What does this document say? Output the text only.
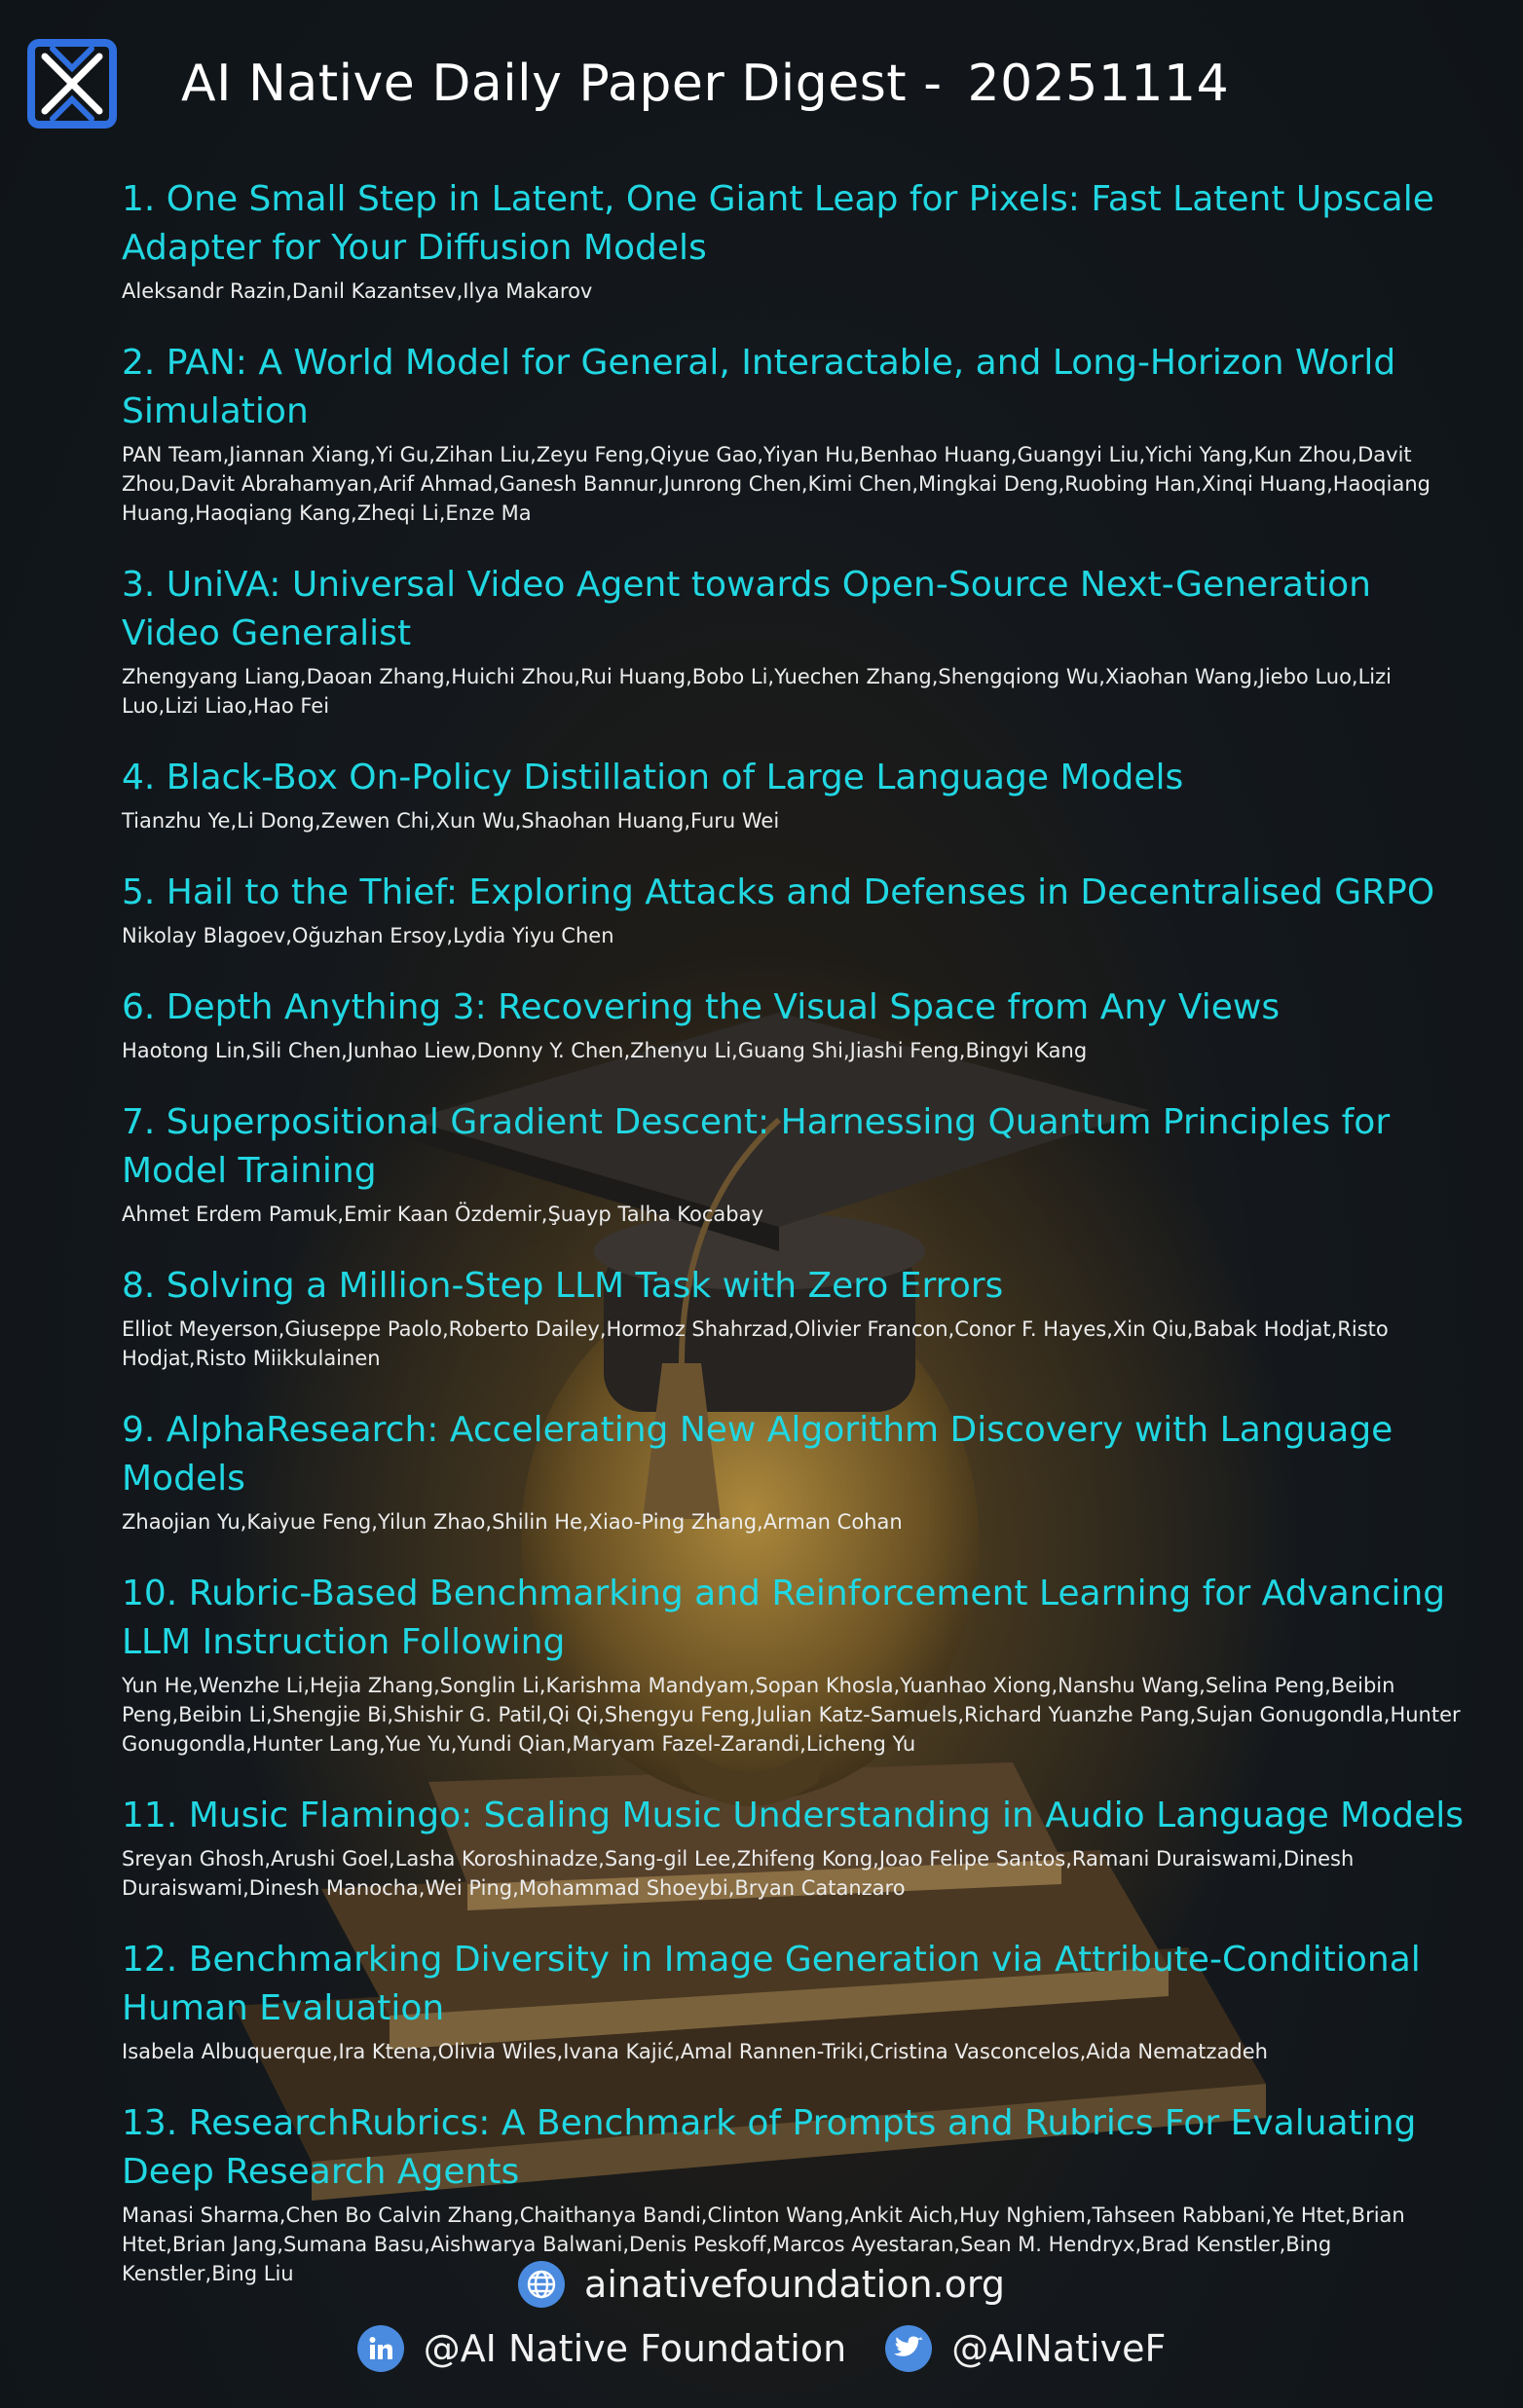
AI Native Daily Paper Digest - 20251114
1. One Small Step in Latent, One Giant Leap for Pixels: Fast Latent Upscale Adapter for Your Diffusion Models
Aleksandr Razin,Danil Kazantsev,Ilya Makarov
2. PAN: A World Model for General, Interactable, and Long-Horizon World Simulation
PAN Team,Jiannan Xiang,Yi Gu,Zihan Liu,Zeyu Feng,Qiyue Gao,Yiyan Hu,Benhao Huang,Guangyi Liu,Yichi Yang,Kun Zhou,Davit Zhou,Davit Abrahamyan,Arif Ahmad,Ganesh Bannur,Junrong Chen,Kimi Chen,Mingkai Deng,Ruobing Han,Xinqi Huang,Haoqiang Huang,Haoqiang Kang,Zheqi Li,Enze Ma
3. UniVA: Universal Video Agent towards Open-Source Next-Generation Video Generalist
Zhengyang Liang,Daoan Zhang,Huichi Zhou,Rui Huang,Bobo Li,Yuechen Zhang,Shengqiong Wu,Xiaohan Wang,Jiebo Luo,Lizi Luo,Lizi Liao,Hao Fei
4. Black-Box On-Policy Distillation of Large Language Models
Tianzhu Ye,Li Dong,Zewen Chi,Xun Wu,Shaohan Huang,Furu Wei
5. Hail to the Thief: Exploring Attacks and Defenses in Decentralised GRPO
Nikolay Blagoev,Oğuzhan Ersoy,Lydia Yiyu Chen
6. Depth Anything 3: Recovering the Visual Space from Any Views
Haotong Lin,Sili Chen,Junhao Liew,Donny Y. Chen,Zhenyu Li,Guang Shi,Jiashi Feng,Bingyi Kang
7. Superpositional Gradient Descent: Harnessing Quantum Principles for Model Training
Ahmet Erdem Pamuk,Emir Kaan Özdemir,Şuayp Talha Kocabay
8. Solving a Million-Step LLM Task with Zero Errors
Elliot Meyerson,Giuseppe Paolo,Roberto Dailey,Hormoz Shahrzad,Olivier Francon,Conor F. Hayes,Xin Qiu,Babak Hodjat,Risto Hodjat,Risto Miikkulainen
9. AlphaResearch: Accelerating New Algorithm Discovery with Language Models
Zhaojian Yu,Kaiyue Feng,Yilun Zhao,Shilin He,Xiao-Ping Zhang,Arman Cohan
10. Rubric-Based Benchmarking and Reinforcement Learning for Advancing LLM Instruction Following
Yun He,Wenzhe Li,Hejia Zhang,Songlin Li,Karishma Mandyam,Sopan Khosla,Yuanhao Xiong,Nanshu Wang,Selina Peng,Beibin Peng,Beibin Li,Shengjie Bi,Shishir G. Patil,Qi Qi,Shengyu Feng,Julian Katz-Samuels,Richard Yuanzhe Pang,Sujan Gonugondla,Hunter Gonugondla,Hunter Lang,Yue Yu,Yundi Qian,Maryam Fazel-Zarandi,Licheng Yu
11. Music Flamingo: Scaling Music Understanding in Audio Language Models
Sreyan Ghosh,Arushi Goel,Lasha Koroshinadze,Sang-gil Lee,Zhifeng Kong,Joao Felipe Santos,Ramani Duraiswami,Dinesh Duraiswami,Dinesh Manocha,Wei Ping,Mohammad Shoeybi,Bryan Catanzaro
12. Benchmarking Diversity in Image Generation via Attribute-Conditional Human Evaluation
Isabela Albuquerque,Ira Ktena,Olivia Wiles,Ivana Kajić,Amal Rannen-Triki,Cristina Vasconcelos,Aida Nematzadeh
13. ResearchRubrics: A Benchmark of Prompts and Rubrics For Evaluating Deep Research Agents
Manasi Sharma,Chen Bo Calvin Zhang,Chaithanya Bandi,Clinton Wang,Ankit Aich,Huy Nghiem,Tahseen Rabbani,Ye Htet,Brian Htet,Brian Jang,Sumana Basu,Aishwarya Balwani,Denis Peskoff,Marcos Ayestaran,Sean M. Hendryx,Brad Kenstler,Bing Kenstler,Bing Liu	ainativefoundation.org
@AI Native Foundation	@AINativeF
